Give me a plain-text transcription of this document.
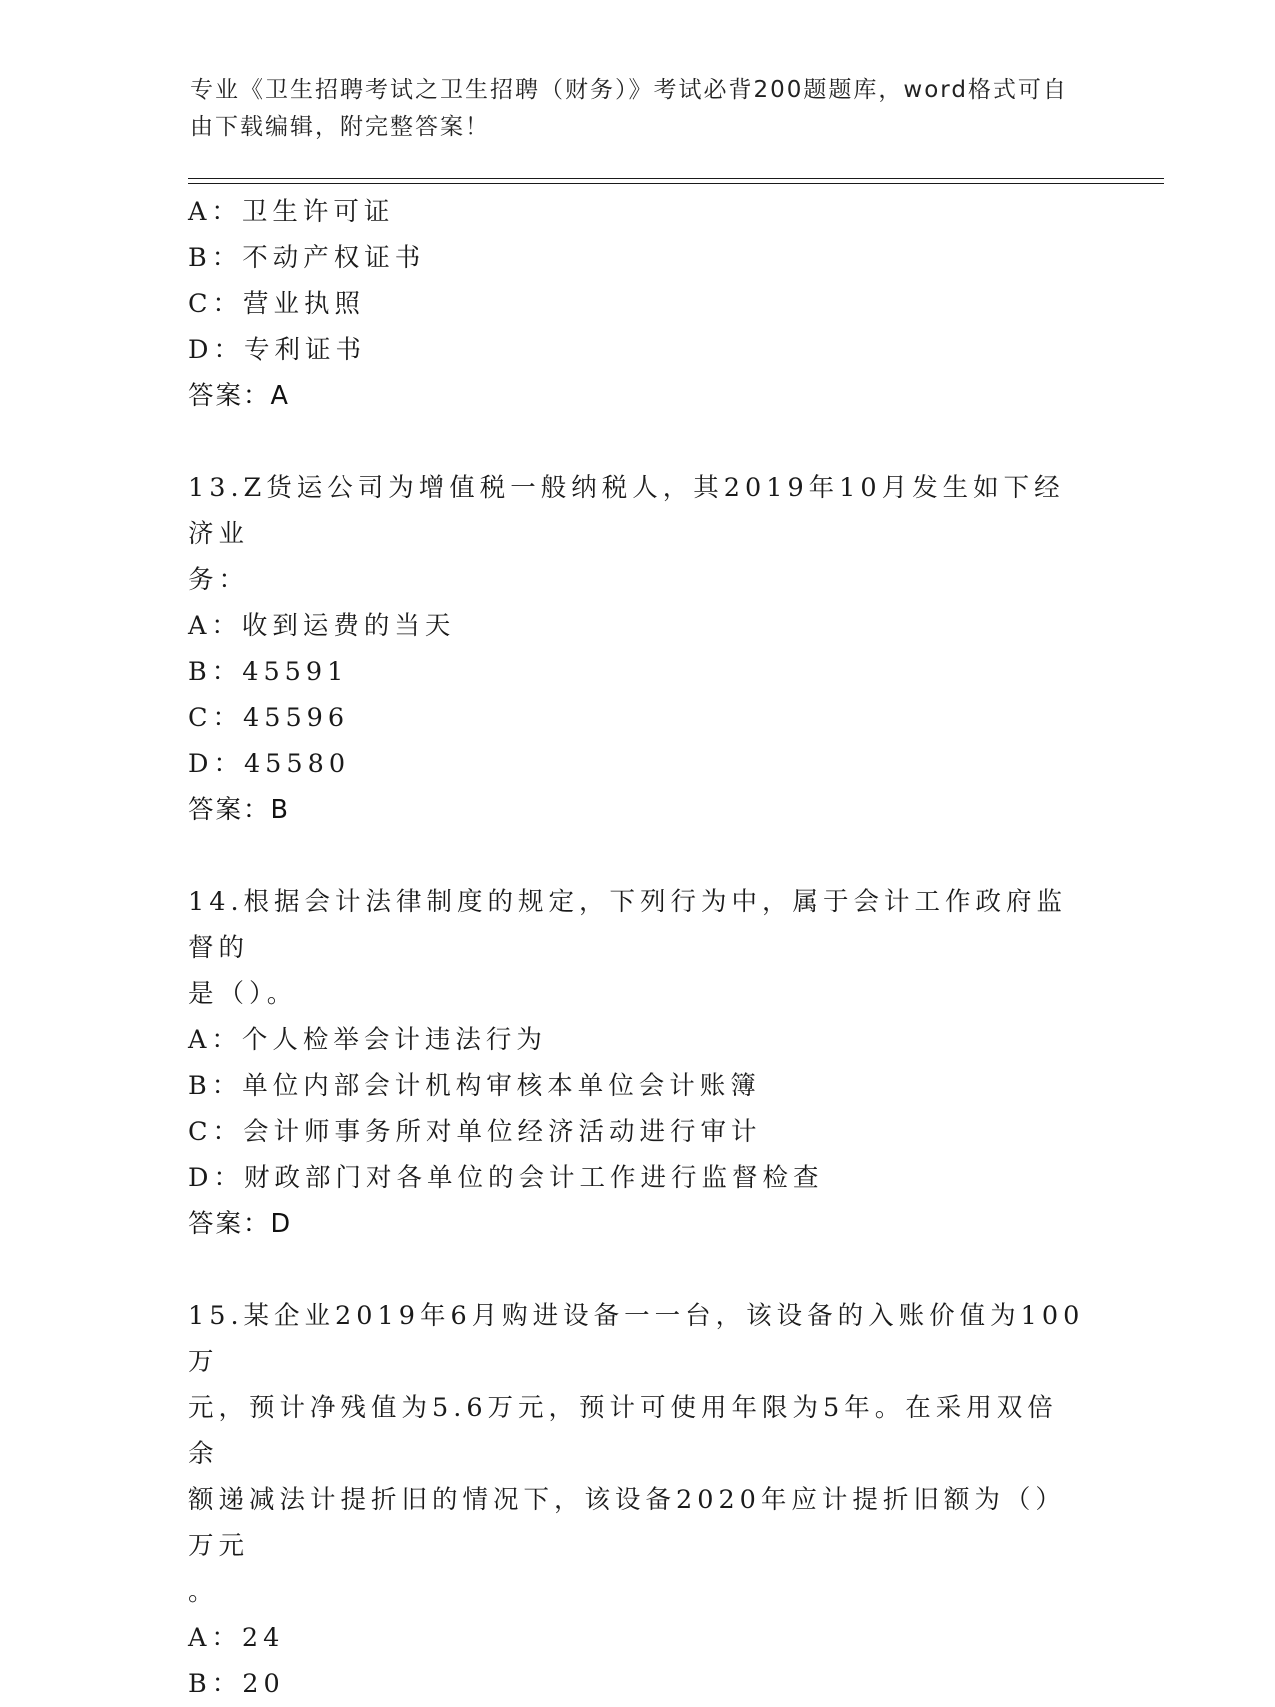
专业《卫生招聘考试之卫生招聘（财务）》考试必背200题题库，word格式可自由下载编辑，附完整答案！
A：卫生许可证
B：不动产权证书
C：营业执照
D：专利证书
答案：A
13.Z货运公司为增值税一般纳税人，其2019年10月发生如下经济业
务：
A：收到运费的当天
B：45591
C：45596
D：45580
答案：B
14.根据会计法律制度的规定，下列行为中，属于会计工作政府监督的
是（）。
A：个人检举会计违法行为
B：单位内部会计机构审核本单位会计账簿
C：会计师事务所对单位经济活动进行审计
D：财政部门对各单位的会计工作进行监督检查
答案：D
15.某企业2019年6月购进设备一一台，该设备的入账价值为100万
元，预计净残值为5.6万元，预计可使用年限为5年。在采用双倍余
额递减法计提折旧的情况下，该设备2020年应计提折旧额为（）万元
。
A：24
B：20
